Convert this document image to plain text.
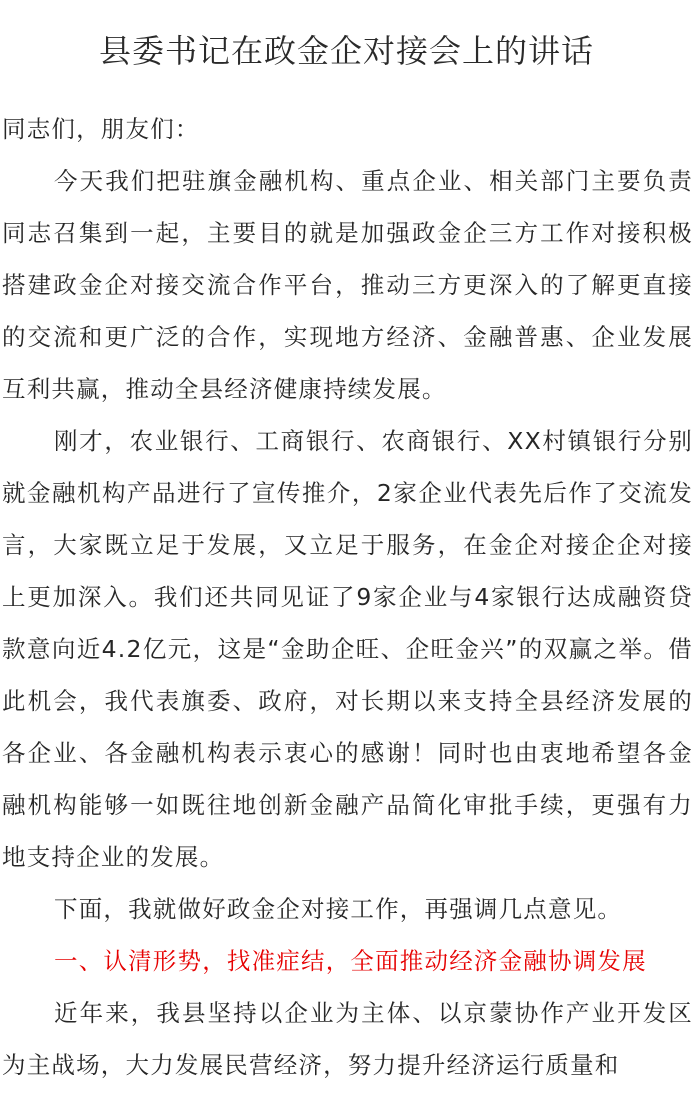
县委书记在政金企对接会上的讲话

同志们，朋友们：

今天我们把驻旗金融机构、重点企业、相关部门主要负责同志召集到一起，主要目的就是加强政金企三方工作对接积极搭建政金企对接交流合作平台，推动三方更深入的了解更直接的交流和更广泛的合作，实现地方经济、金融普惠、企业发展互利共赢，推动全县经济健康持续发展。

刚才，农业银行、工商银行、农商银行、XX村镇银行分别就金融机构产品进行了宣传推介，2家企业代表先后作了交流发言，大家既立足于发展，又立足于服务，在金企对接企企对接上更加深入。我们还共同见证了9家企业与4家银行达成融资贷款意向近4.2亿元，这是“金助企旺、企旺金兴”的双赢之举。借此机会，我代表旗委、政府，对长期以来支持全县经济发展的各企业、各金融机构表示衷心的感谢！同时也由衷地希望各金融机构能够一如既往地创新金融产品简化审批手续，更强有力地支持企业的发展。

下面，我就做好政金企对接工作，再强调几点意见。

一、认清形势，找准症结，全面推动经济金融协调发展

近年来，我县坚持以企业为主体、以京蒙协作产业开发区为主战场，大力发展民营经济，努力提升经济运行质量和
